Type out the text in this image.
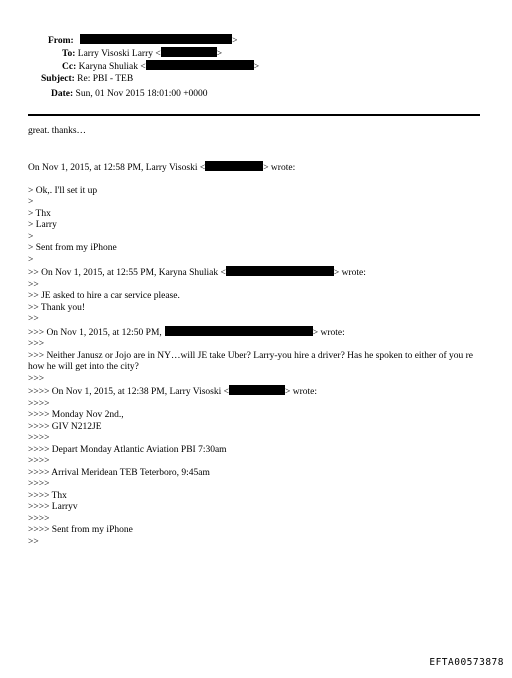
From:	>
To: Larry Visoski Larry <	>
Cc: Karyna Shuliak <	>
Subject: Re: PBI - TEB
Date: Sun, 01 Nov 2015 18:01:00 +0000
great. thanks…
On Nov 1, 2015, at 12:58 PM, Larry Visoski <	> wrote:
> Ok,. I'll set it up
>
> Thx
> Larry
>
> Sent from my iPhone
>
>> On Nov 1, 2015, at 12:55 PM, Karyna Shuliak <	> wrote:
>>
>> JE asked to hire a car service please.
>> Thank you!
>>
>>> On Nov 1, 2015, at 12:50 PM,	> wrote:
>>>
>>> Neither Janusz or Jojo are in NY…will JE take Uber? Larry-you hire a driver? Has he spoken to either of you re how he will get into the city?
>>>
>>>> On Nov 1, 2015, at 12:38 PM, Larry Visoski <	> wrote:
>>>>
>>>> Monday Nov 2nd.,
>>>> GIV N212JE
>>>>
>>>> Depart Monday Atlantic Aviation PBI 7:30am
>>>>
>>>> Arrival Meridean TEB Teterboro, 9:45am
>>>>
>>>> Thx
>>>> Larryv
>>>>
>>>> Sent from my iPhone
>>
EFTA00573878
